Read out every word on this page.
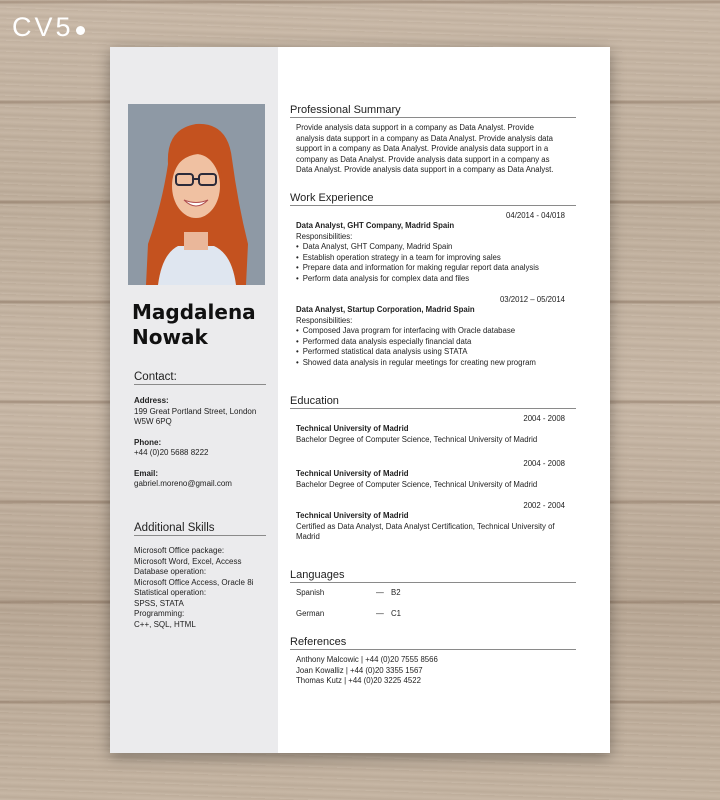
CV5
Magdalena
Nowak
Contact:
Address:
199 Great Portland Street, London
W5W 6PQ
Phone:
+44 (0)20 5688 8222
Email:
gabriel.moreno@gmail.com
Additional Skills
Microsoft Office package:
Microsoft Word, Excel, Access
Database operation:
Microsoft Office Access, Oracle 8i
Statistical operation:
SPSS, STATA
Programming:
C++, SQL, HTML
Professional Summary
Provide analysis data support in a company as Data Analyst. Provide
analysis data support in a company as Data Analyst. Provide analysis data
support in a company as Data Analyst. Provide analysis data support in a
company as Data Analyst. Provide analysis data support in a company as
Data Analyst. Provide analysis data support in a company as Data Analyst.
Work Experience
04/2014 - 04/018
Data Analyst, GHT Company, Madrid Spain
Responsibilities:
• Data Analyst, GHT Company, Madrid Spain
• Establish operation strategy in a team for improving sales
• Prepare data and information for making regular report data analysis
• Perform data analysis for complex data and files
03/2012 – 05/2014
Data Analyst, Startup Corporation, Madrid Spain
Responsibilities:
• Composed Java program for interfacing with Oracle database
• Performed data analysis especially financial data
• Performed statistical data analysis using STATA
• Showed data analysis in regular meetings for creating new program
Education
2004 - 2008
Technical University of Madrid
Bachelor Degree of Computer Science, Technical University of Madrid
2004 - 2008
Technical University of Madrid
Bachelor Degree of Computer Science, Technical University of Madrid
2002 - 2004
Technical University of Madrid
Certified as Data Analyst, Data Analyst Certification, Technical University of
Madrid
Languages
Spanish	— B2
German	— C1
References
Anthony Malcowic | +44 (0)20 7555 8566
Joan Kowalliz | +44 (0)20 3355 1567
Thomas Kutz | +44 (0)20 3225 4522
